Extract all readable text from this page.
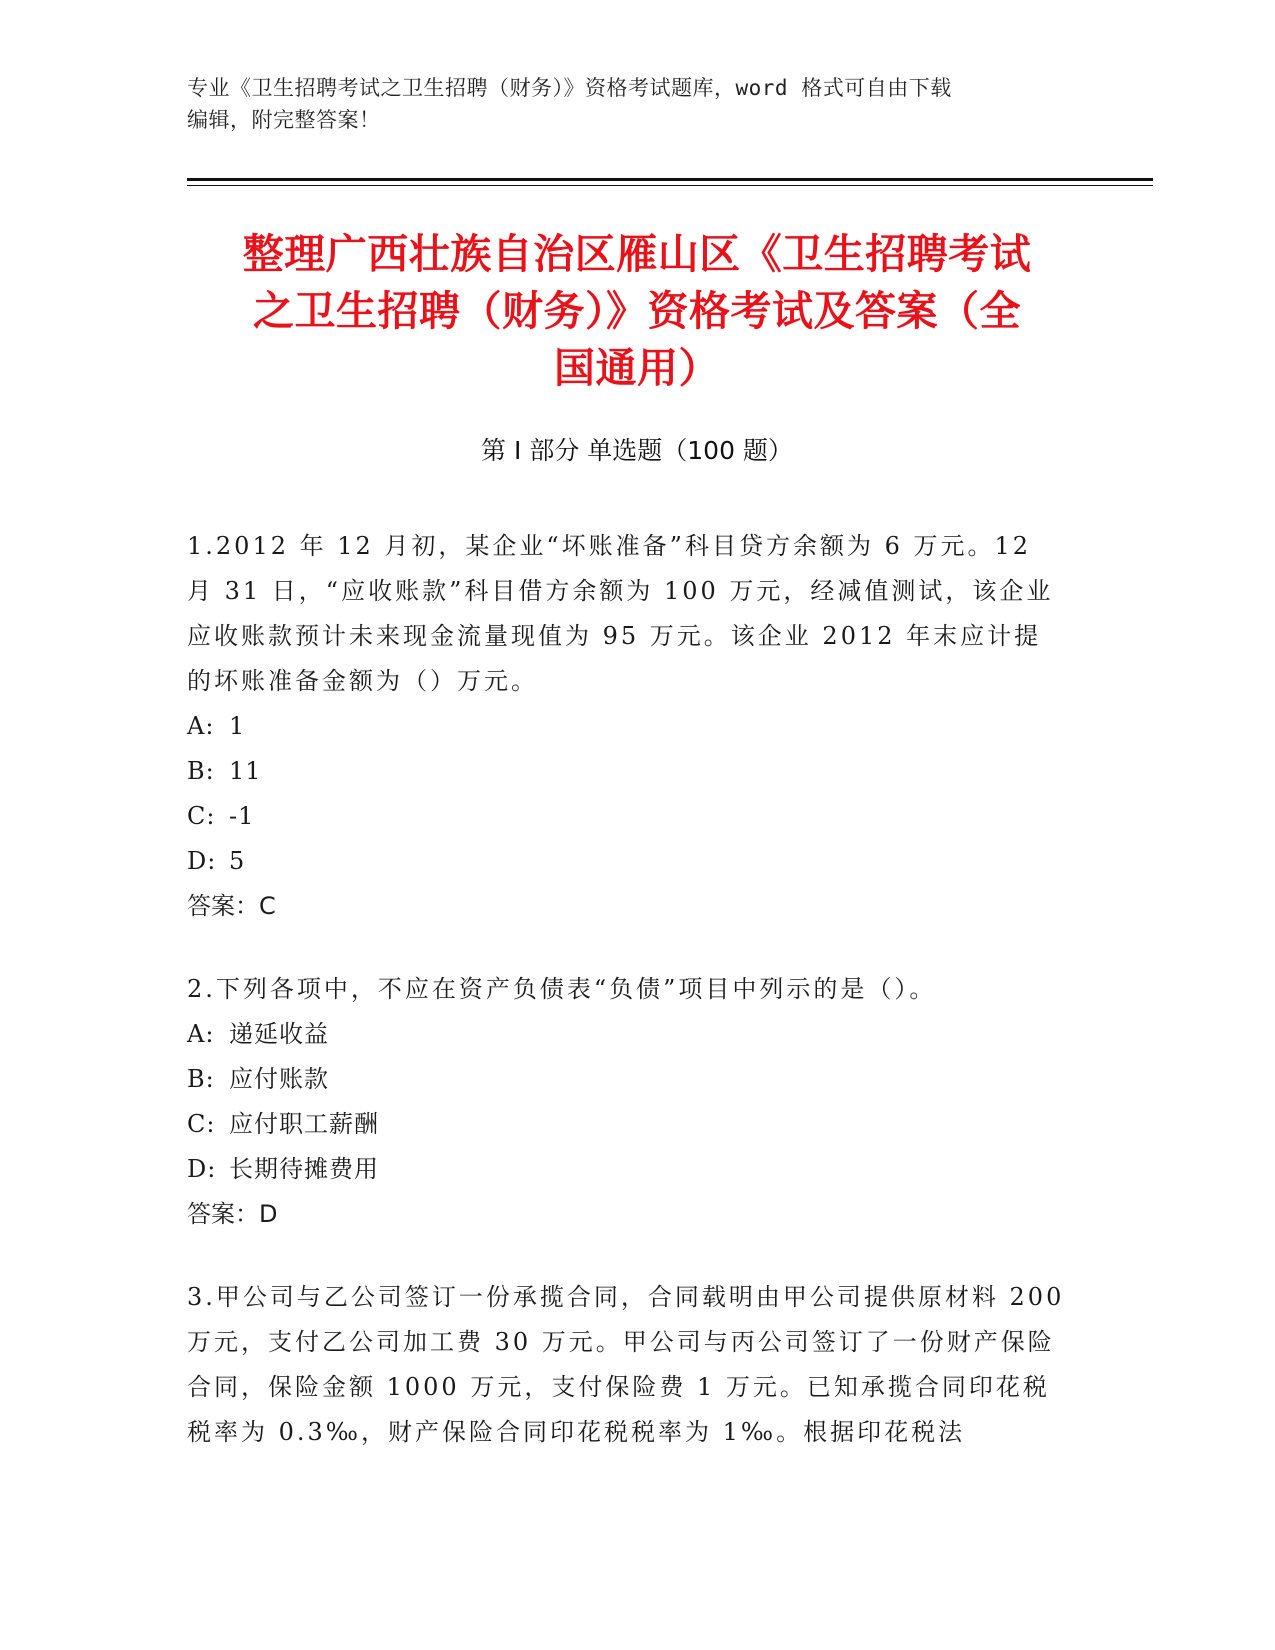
专业《卫生招聘考试之卫生招聘（财务）》资格考试题库，word 格式可自由下载
编辑，附完整答案！
整理广西壮族自治区雁山区《卫生招聘考试
之卫生招聘（财务）》资格考试及答案（全
国通用）
第 I 部分 单选题（100 题）

1.2012 年 12 月初，某企业“坏账准备”科目贷方余额为 6 万元。12 月 31 日，“应收账款”科目借方余额为 100 万元，经减值测试，该企业应收账款预计未来现金流量现值为 95 万元。该企业 2012 年末应计提的坏账准备金额为（）万元。

A: 1

B: 11

C: -1

D: 5

答案：C

2.下列各项中，不应在资产负债表“负债”项目中列示的是（）。

A: 递延收益

B: 应付账款

C: 应付职工薪酬

D: 长期待摊费用

答案：D

3.甲公司与乙公司签订一份承揽合同，合同载明由甲公司提供原材料 200 万元，支付乙公司加工费 30 万元。甲公司与丙公司签订了一份财产保险合同，保险金额 1000 万元，支付保险费 1 万元。已知承揽合同印花税税率为 0.3‰，财产保险合同印花税税率为 1‰。根据印花税法
